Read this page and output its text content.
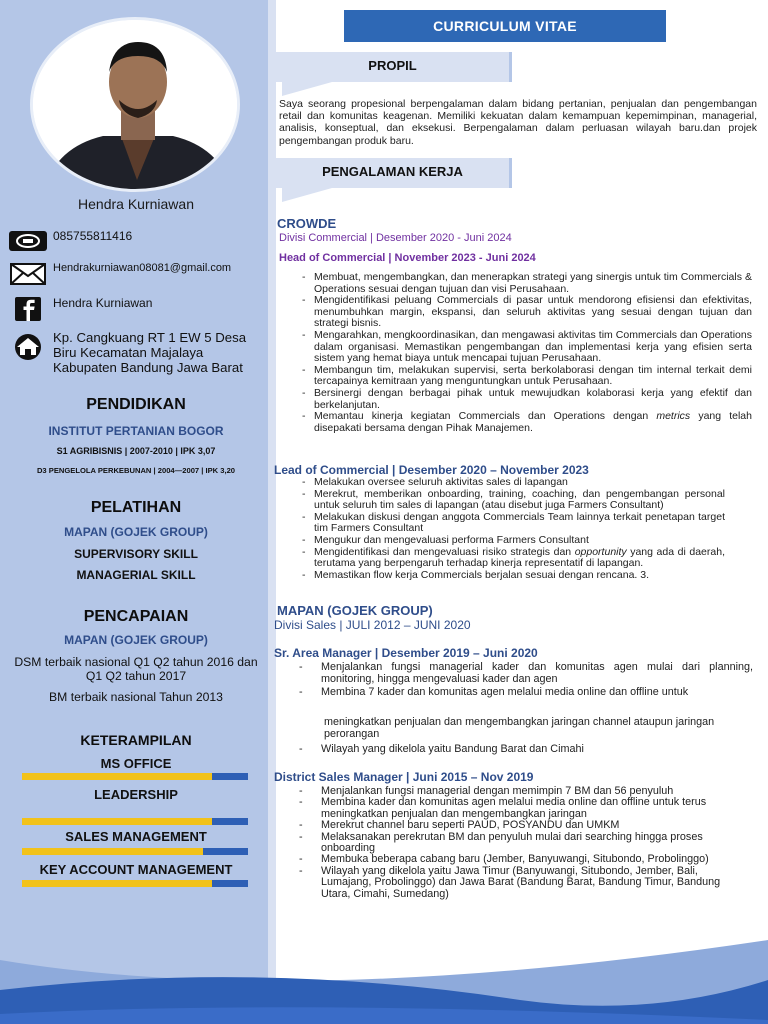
Hendra Kurniawan
085755811416
Hendrakurniawan08081@gmail.com
Hendra Kurniawan
Kp. Cangkuang RT 1 EW 5 Desa
Biru Kecamatan Majalaya
Kabupaten Bandung Jawa Barat
PENDIDIKAN
INSTITUT PERTANIAN BOGOR
S1 AGRIBISNIS | 2007-2010 | IPK 3,07
D3 PENGELOLA PERKEBUNAN | 2004—2007 | IPK 3,20
PELATIHAN
MAPAN (GOJEK GROUP)
SUPERVISORY SKILL
MANAGERIAL SKILL
PENCAPAIAN
MAPAN (GOJEK GROUP)
DSM terbaik nasional Q1 Q2 tahun 2016 dan
Q1 Q2 tahun 2017
BM terbaik nasional Tahun 2013
KETERAMPILAN
MS OFFICE
LEADERSHIP
SALES MANAGEMENT
KEY ACCOUNT MANAGEMENT
CURRICULUM VITAE
PROPIL
Saya seorang propesional berpengalaman dalam bidang pertanian, penjualan dan pengembangan retail dan komunitas keagenan. Memiliki kekuatan dalam kemampuan kepemimpinan, managerial, analisis, konseptual, dan eksekusi. Berpengalaman dalam perluasan wilayah baru.dan projek pengembangan produk baru.
PENGALAMAN KERJA
CROWDE
Divisi Commercial | Desember 2020 - Juni 2024
Head of Commercial | November 2023 - Juni 2024
- Membuat, mengembangkan, dan menerapkan strategi yang sinergis untuk tim Commercials & Operations sesuai dengan tujuan dan visi Perusahaan.
- Mengidentifikasi peluang Commercials di pasar untuk mendorong efisiensi dan efektivitas, menumbuhkan margin, ekspansi, dan seluruh aktivitas yang sesuai dengan tujuan dan strategi bisnis.
- Mengarahkan, mengkoordinasikan, dan mengawasi aktivitas tim Commercials dan Operations dalam organisasi. Memastikan pengembangan dan implementasi kerja yang efisien serta sistem yang hemat biaya untuk mencapai tujuan Perusahaan.
- Membangun tim, melakukan supervisi, serta berkolaborasi dengan tim internal terkait demi tercapainya kemitraan yang menguntungkan untuk Perusahaan.
- Bersinergi dengan berbagai pihak untuk mewujudkan kolaborasi kerja yang efektif dan berkelanjutan.
- Memantau kinerja kegiatan Commercials dan Operations dengan metrics yang telah disepakati bersama dengan Pihak Manajemen.
Lead of Commercial | Desember 2020 – November 2023
- Melakukan oversee seluruh aktivitas sales di lapangan
- Merekrut, memberikan onboarding, training, coaching, dan pengembangan personal untuk seluruh tim sales di lapangan (atau disebut juga Farmers Consultant)
- Melakukan diskusi dengan anggota Commercials Team lainnya terkait penetapan target tim Farmers Consultant
- Mengukur dan mengevaluasi performa Farmers Consultant
- Mengidentifikasi dan mengevaluasi risiko strategis dan opportunity yang ada di daerah, terutama yang berpengaruh terhadap kinerja representatif di lapangan.
- Memastikan flow kerja Commercials berjalan sesuai dengan rencana. 3.
MAPAN (GOJEK GROUP)
Divisi Sales | JULI 2012 – JUNI 2020
Sr. Area Manager | Desember 2019 – Juni 2020
- Menjalankan fungsi managerial kader dan komunitas agen mulai dari planning, monitoring, hingga mengevaluasi kader dan agen
- Membina 7 kader dan komunitas agen melalui media online dan offline untuk
meningkatkan penjualan dan mengembangkan jaringan channel ataupun jaringan perorangan
- Wilayah yang dikelola yaitu Bandung Barat dan Cimahi
District Sales Manager | Juni 2015 – Nov 2019
- Menjalankan fungsi managerial dengan memimpin 7 BM dan 56 penyuluh
- Membina kader dan komunitas agen melalui media online dan offline untuk terus meningkatkan penjualan dan mengembangkan jaringan
- Merekrut channel baru seperti PAUD, POSYANDU dan UMKM
- Melaksanakan perekrutan BM dan penyuluh mulai dari searching hingga proses onboarding
- Membuka beberapa cabang baru (Jember, Banyuwangi, Situbondo, Probolinggo)
- Wilayah yang dikelola yaitu Jawa Timur (Banyuwangi, Situbondo, Jember, Bali, Lumajang, Probolinggo) dan Jawa Barat (Bandung Barat, Bandung Timur, Bandung Utara, Cimahi, Sumedang)
